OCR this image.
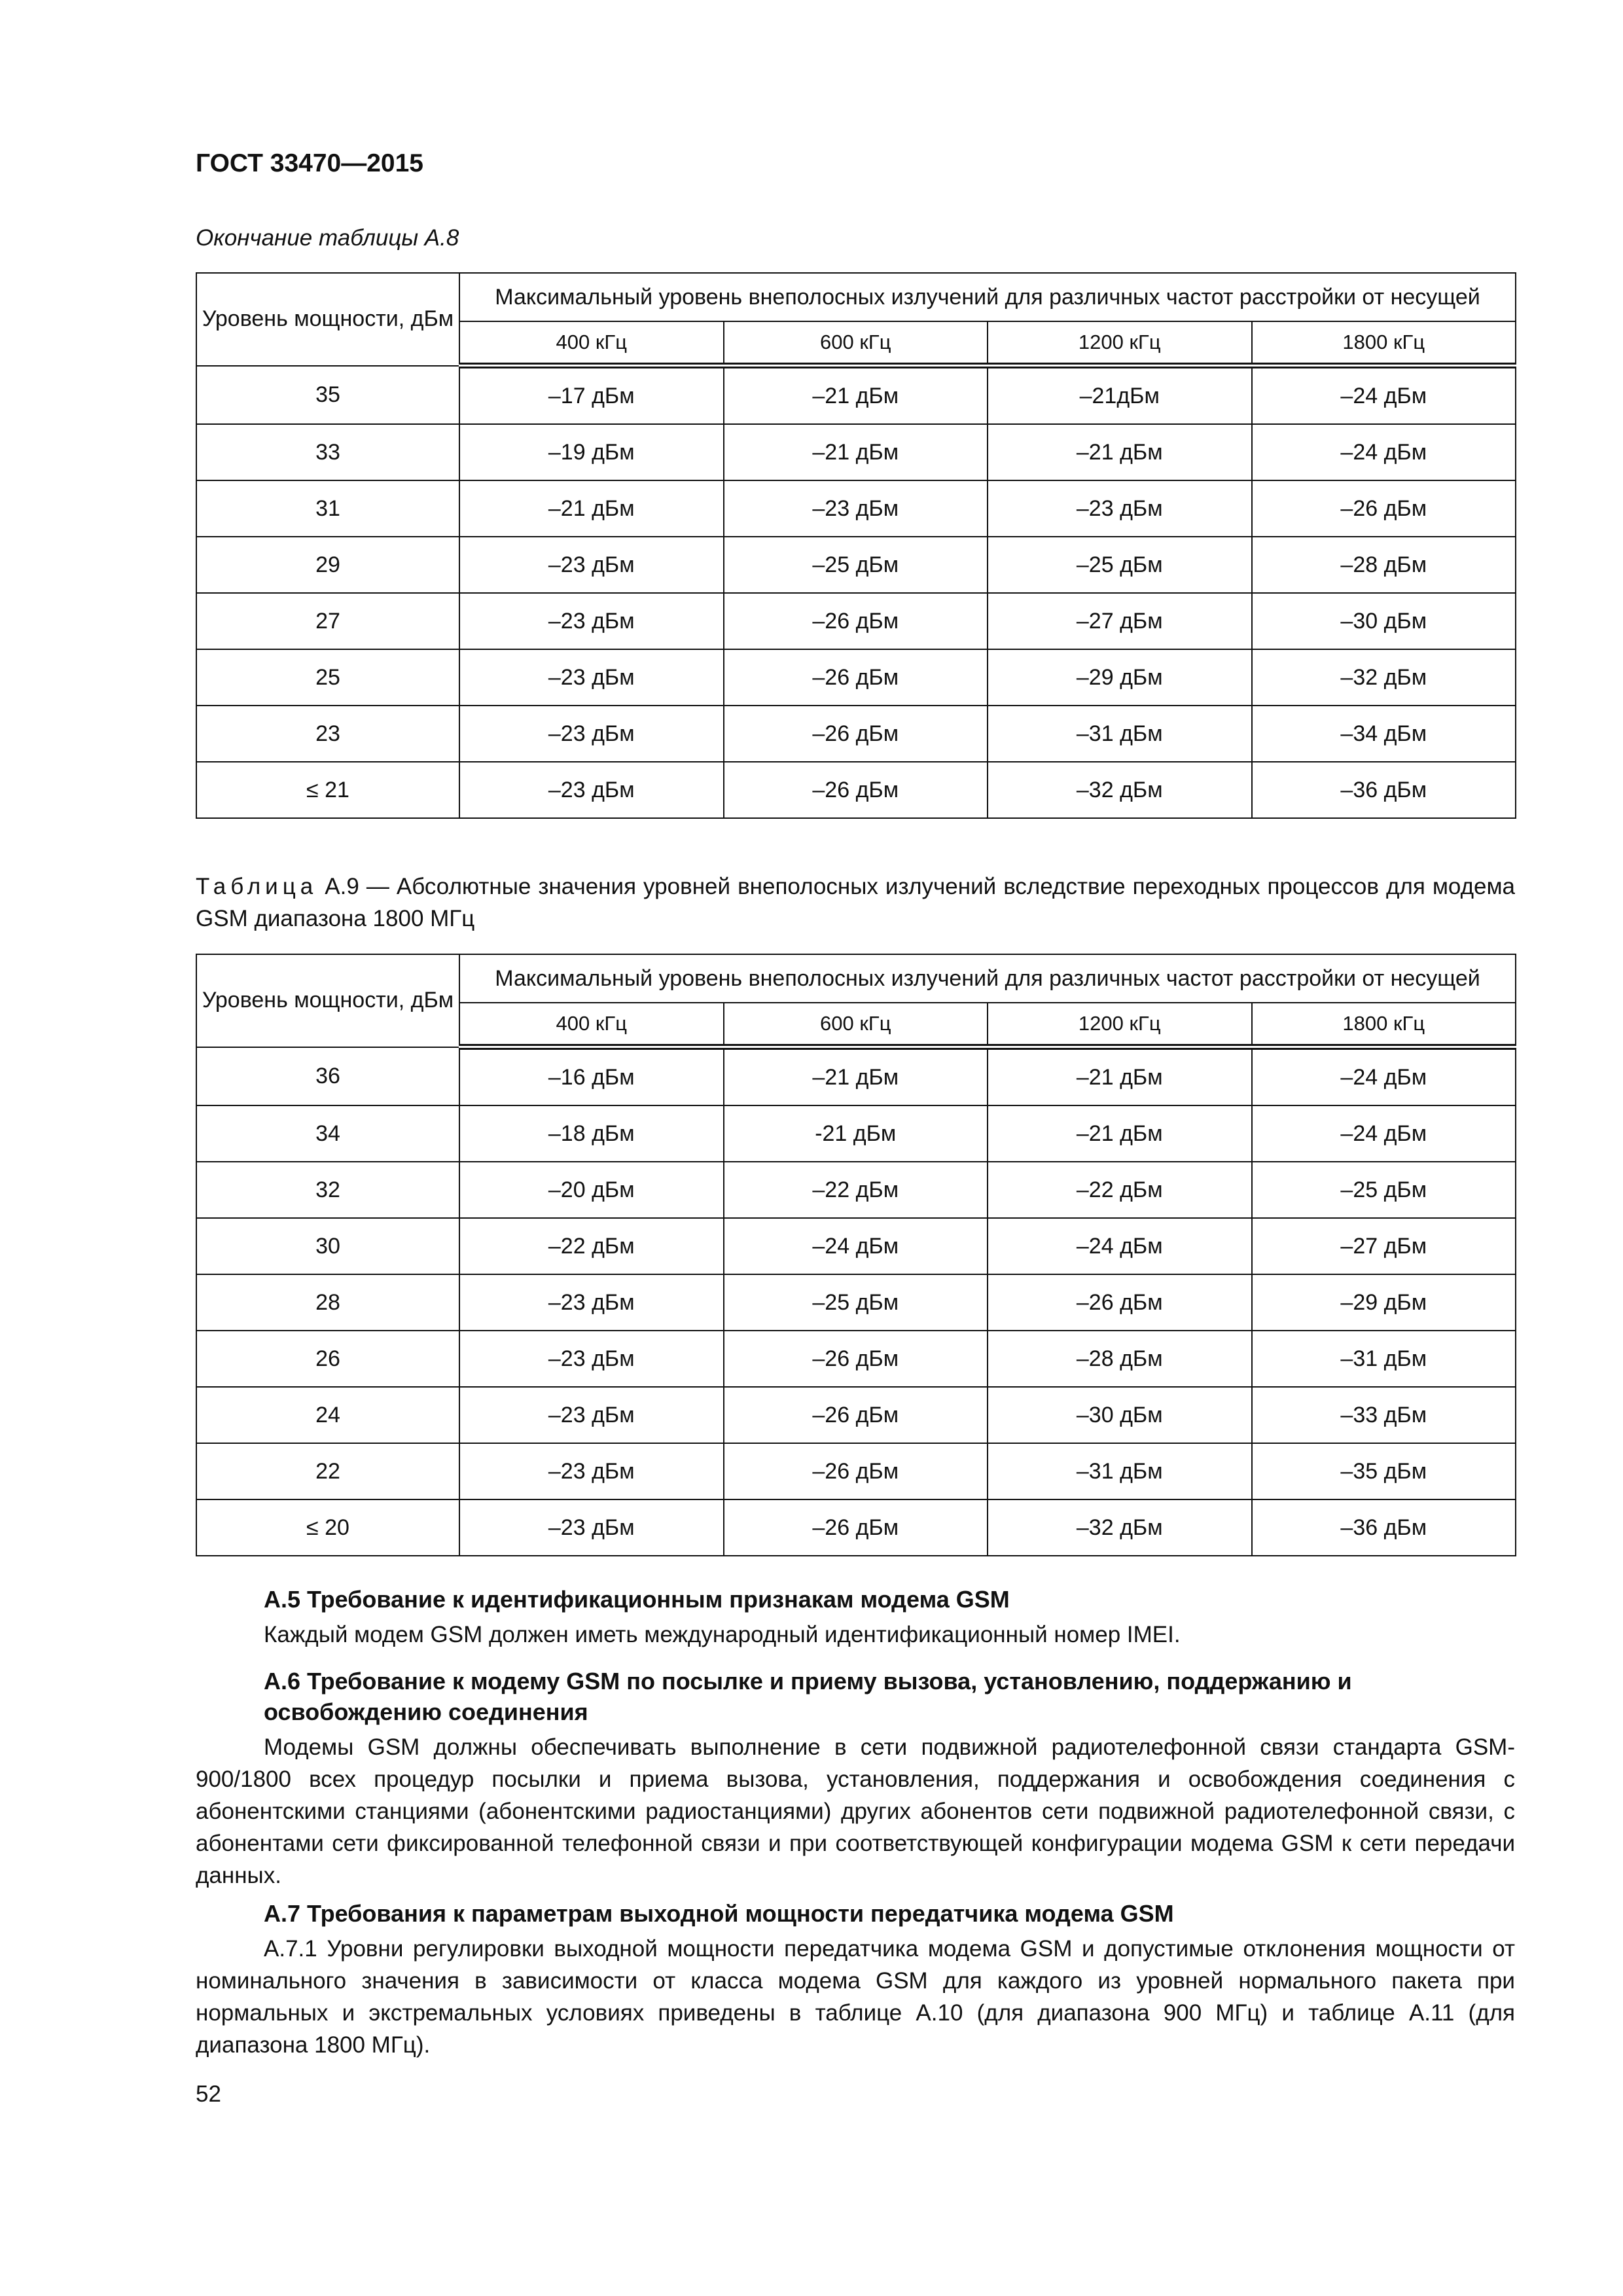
ГОСТ 33470—2015
Окончание таблицы А.8
Уровень мощности, дБм	Максимальный уровень внеполосных излучений для различных частот расстройки от несущей			
	400 кГц	600 кГц	1200 кГц	1800 кГц
35	–17 дБм	–21 дБм	–21дБм	–24 дБм
33	–19 дБм	–21 дБм	–21 дБм	–24 дБм
31	–21 дБм	–23 дБм	–23 дБм	–26 дБм
29	–23 дБм	–25 дБм	–25 дБм	–28 дБм
27	–23 дБм	–26 дБм	–27 дБм	–30 дБм
25	–23 дБм	–26 дБм	–29 дБм	–32 дБм
23	–23 дБм	–26 дБм	–31 дБм	–34 дБм
≤ 21	–23 дБм	–26 дБм	–32 дБм	–36 дБм
Таблица А.9 — Абсолютные значения уровней внеполосных излучений вследствие переходных процессов для модема GSM диапазона 1800 МГц
Уровень мощности, дБм	Максимальный уровень внеполосных излучений для различных частот расстройки от несущей			
	400 кГц	600 кГц	1200 кГц	1800 кГц
36	–16 дБм	–21 дБм	–21 дБм	–24 дБм
34	–18 дБм	-21 дБм	–21 дБм	–24 дБм
32	–20 дБм	–22 дБм	–22 дБм	–25 дБм
30	–22 дБм	–24 дБм	–24 дБм	–27 дБм
28	–23 дБм	–25 дБм	–26 дБм	–29 дБм
26	–23 дБм	–26 дБм	–28 дБм	–31 дБм
24	–23 дБм	–26 дБм	–30 дБм	–33 дБм
22	–23 дБм	–26 дБм	–31 дБм	–35 дБм
≤ 20	–23 дБм	–26 дБм	–32 дБм	–36 дБм
А.5 Требование к идентификационным признакам модема GSM

Каждый модем GSM должен иметь международный идентификационный номер IMEI.

А.6 Требование к модему GSM по посылке и приему вызова, установлению, поддержанию и освобождению соединения

Модемы GSM должны обеспечивать выполнение в сети подвижной радиотелефонной связи стандарта GSM-900/1800 всех процедур посылки и приема вызова, установления, поддержания и освобождения соединения с абонентскими станциями (абонентскими радиостанциями) других абонентов сети подвижной радиотелефонной связи, с абонентами сети фиксированной телефонной связи и при соответствующей конфигурации модема GSM к сети передачи данных.

А.7 Требования к параметрам выходной мощности передатчика модема GSM

А.7.1 Уровни регулировки выходной мощности передатчика модема GSM и допустимые отклонения мощности от номинального значения в зависимости от класса модема GSM для каждого из уровней нормального пакета при нормальных и экстремальных условиях приведены в таблице А.10 (для диапазона 900 МГц) и таблице А.11 (для диапазона 1800 МГц).

52
